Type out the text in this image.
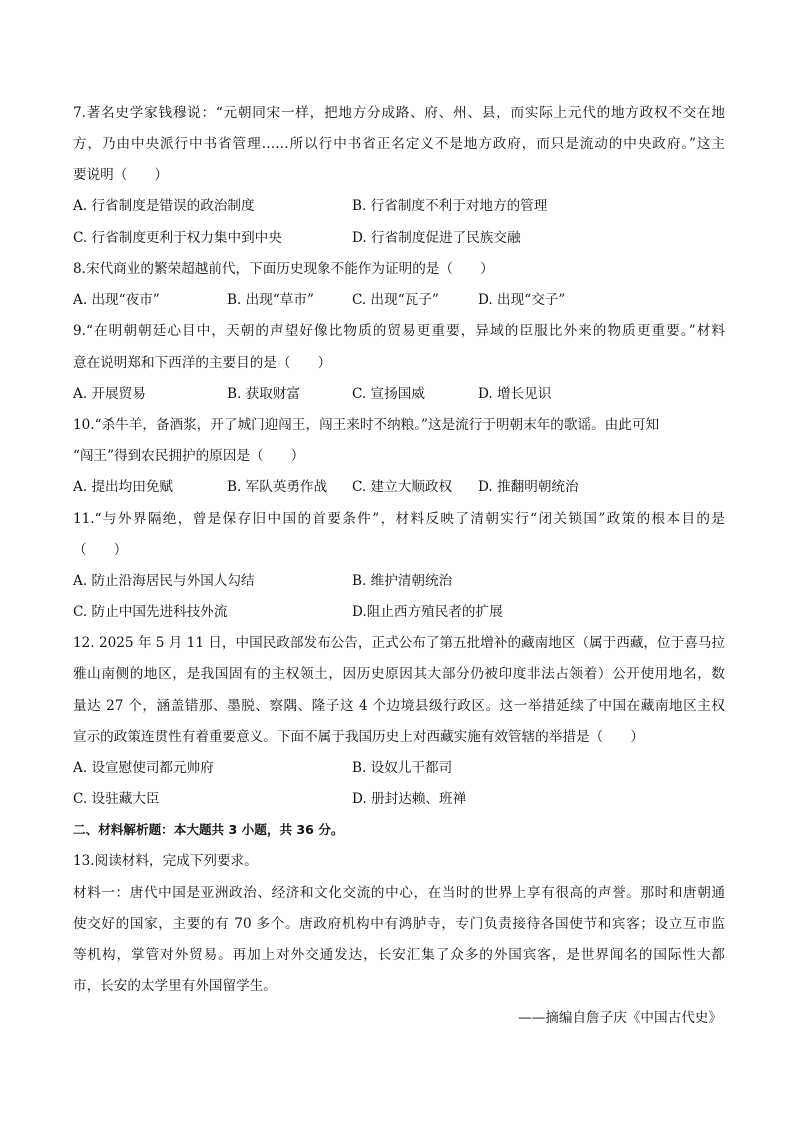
7.著名史学家钱穆说：“元朝同宋一样，把地方分成路、府、州、县，而实际上元代的地方政权不交在地
方，乃由中央派行中书省管理……所以行中书省正名定义不是地方政府，而只是流动的中央政府。”这主
要说明（　　）
A. 行省制度是错误的政治制度	B. 行省制度不利于对地方的管理
C. 行省制度更利于权力集中到中央	D. 行省制度促进了民族交融
8.宋代商业的繁荣超越前代，下面历史现象不能作为证明的是（　　）
A. 出现“夜市”	B. 出现“草市”	C. 出现“瓦子”	D. 出现“交子”
9.“在明朝朝廷心目中，天朝的声望好像比物质的贸易更重要，异域的臣服比外来的物质更重要。”材料
意在说明郑和下西洋的主要目的是（　　）
A. 开展贸易	B. 获取财富	C. 宣扬国威	D. 增长见识
10.“杀牛羊，备酒浆，开了城门迎闯王，闯王来时不纳粮。”这是流行于明朝末年的歌谣。由此可知
“闯王”得到农民拥护的原因是（　　）
A. 提出均田免赋	B. 军队英勇作战 C. 建立大顺政权 D. 推翻明朝统治
11.“与外界隔绝，曾是保存旧中国的首要条件”，材料反映了清朝实行“闭关锁国”政策的根本目的是
（　　）
A. 防止沿海居民与外国人勾结	B. 维护清朝统治
C. 防止中国先进科技外流	D.阻止西方殖民者的扩展
12. 2025 年 5 月 11 日，中国民政部发布公告，正式公布了第五批增补的藏南地区（属于西藏，位于喜马拉
雅山南侧的地区，是我国固有的主权领土，因历史原因其大部分仍被印度非法占领着）公开使用地名，数
量达 27 个，涵盖错那、墨脱、察隅、隆子这 4 个边境县级行政区。这一举措延续了中国在藏南地区主权
宣示的政策连贯性有着重要意义。下面不属于我国历史上对西藏实施有效管辖的举措是（　　）
A. 设宣慰使司都元帅府	B. 设奴儿干都司
C. 设驻藏大臣	D. 册封达赖、班禅
二、材料解析题：本大题共 3 小题，共 36 分。
13.阅读材料，完成下列要求。
材料一：唐代中国是亚洲政治、经济和文化交流的中心，在当时的世界上享有很高的声誉。那时和唐朝通
使交好的国家，主要的有 70 多个。唐政府机构中有鸿胪寺，专门负责接待各国使节和宾客；设立互市监
等机构，掌管对外贸易。再加上对外交通发达，长安汇集了众多的外国宾客，是世界闻名的国际性大都
市，长安的太学里有外国留学生。
——摘编自詹子庆《中国古代史》
